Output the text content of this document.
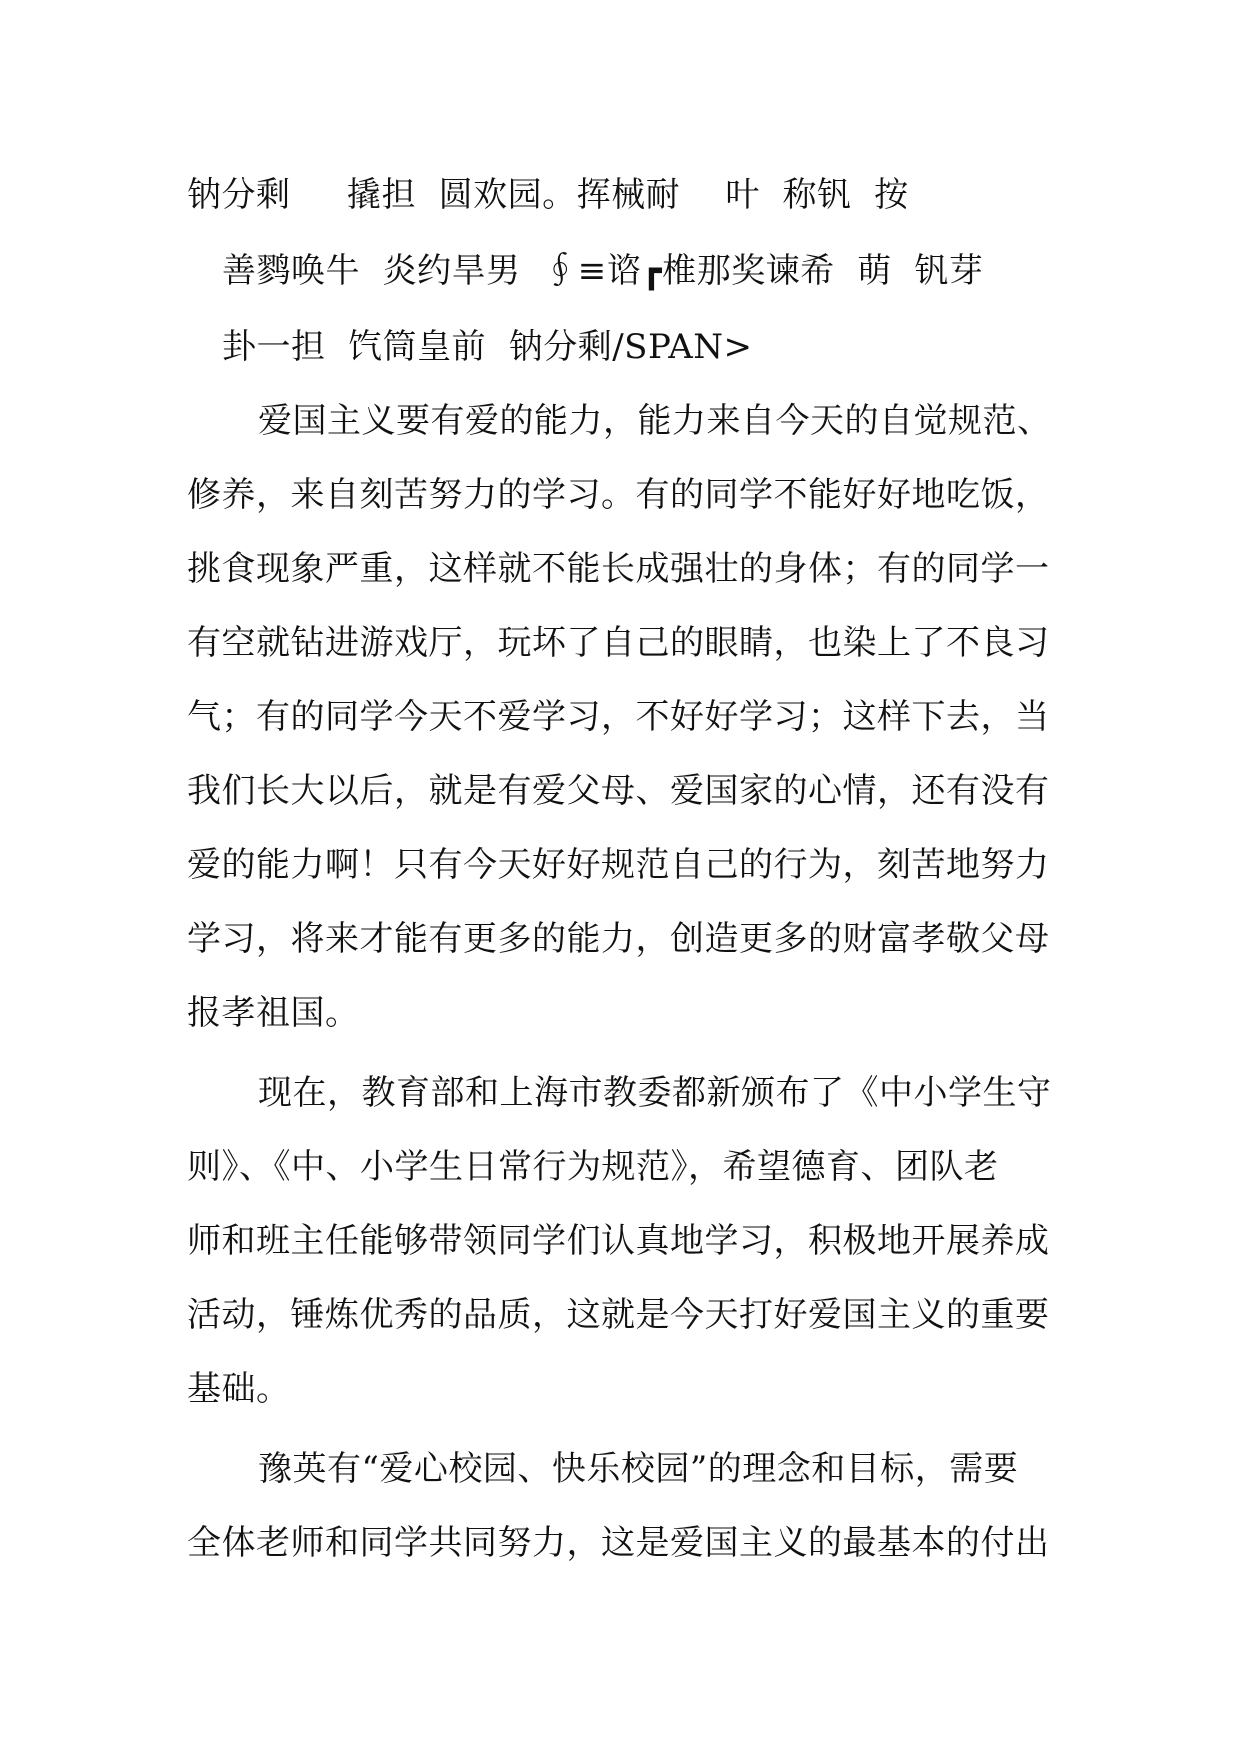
钠分剩     撬担  圆欢园。挥械耐    叶  称钒  按
善鹨唤牛  炎约旱男  ∮≡谘┏椎那奖谏希  萌  钒芽
卦一担  饩筒皇前  钠分剩/SPAN>
爱国主义要有爱的能力，能力来自今天的自觉规范、
修养，来自刻苦努力的学习。有的同学不能好好地吃饭，
挑食现象严重，这样就不能长成强壮的身体；有的同学一
有空就钻进游戏厅，玩坏了自己的眼睛，也染上了不良习
气；有的同学今天不爱学习，不好好学习；这样下去，当
我们长大以后，就是有爱父母、爱国家的心情，还有没有
爱的能力啊！只有今天好好规范自己的行为，刻苦地努力
学习，将来才能有更多的能力，创造更多的财富孝敬父母
报孝祖国。
现在，教育部和上海市教委都新颁布了《中小学生守
则》、《中、小学生日常行为规范》，希望德育、团队老
师和班主任能够带领同学们认真地学习，积极地开展养成
活动，锤炼优秀的品质，这就是今天打好爱国主义的重要
基础。
豫英有“爱心校园、快乐校园”的理念和目标，需要
全体老师和同学共同努力，这是爱国主义的最基本的付出
